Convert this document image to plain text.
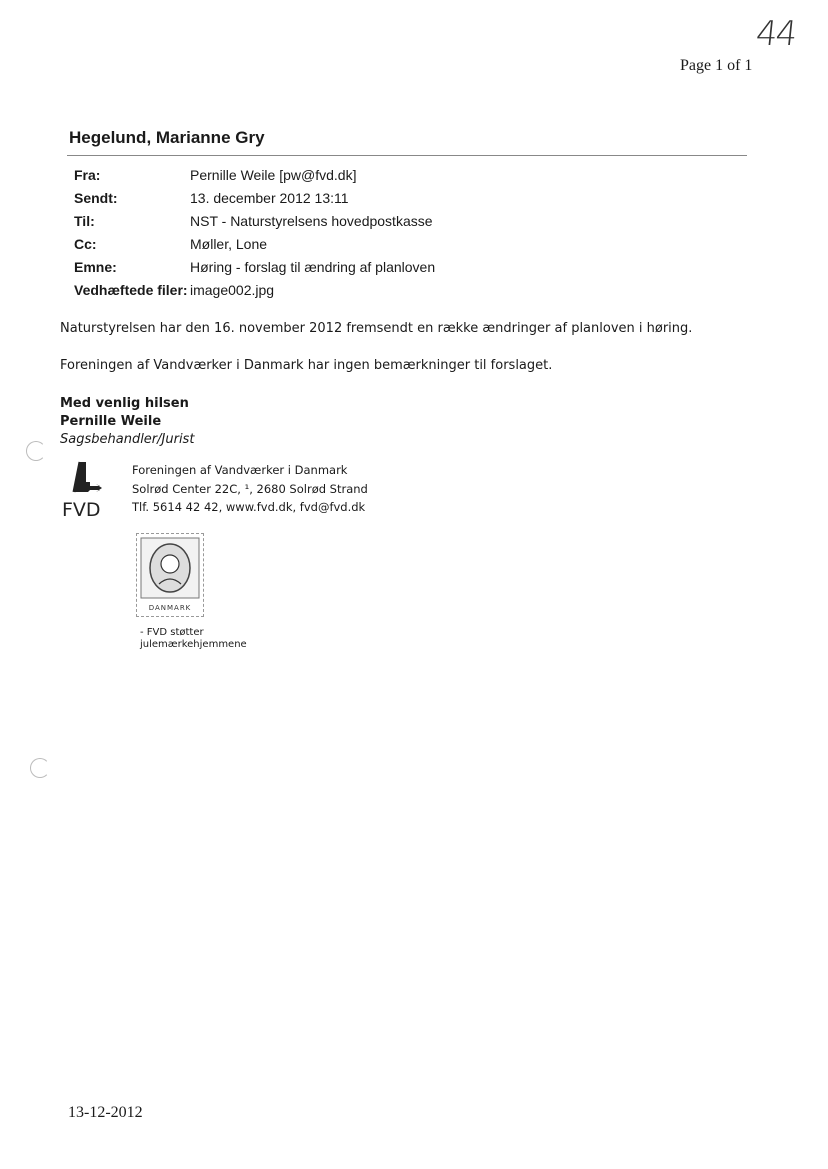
44
Page 1 of 1
Hegelund, Marianne Gry
Fra:	Pernille Weile [pw@fvd.dk]
Sendt:	13. december 2012 13:11
Til:	NST - Naturstyrelsens hovedpostkasse
Cc:	Møller, Lone
Emne:	Høring - forslag til ændring af planloven
Vedhæftede filer: image002.jpg
Naturstyrelsen har den 16. november 2012 fremsendt en række ændringer af planloven i høring.
Foreningen af Vandværker i Danmark har ingen bemærkninger til forslaget.
Med venlig hilsen
Pernille Weile
Sagsbehandler/Jurist
FVD
Foreningen af Vandværker i Danmark
Solrød Center 22C, ¹, 2680 Solrød Strand
Tlf. 5614 42 42, www.fvd.dk, fvd@fvd.dk
DANMARK
- FVD støtter
julemærkehjemmene
13-12-2012
